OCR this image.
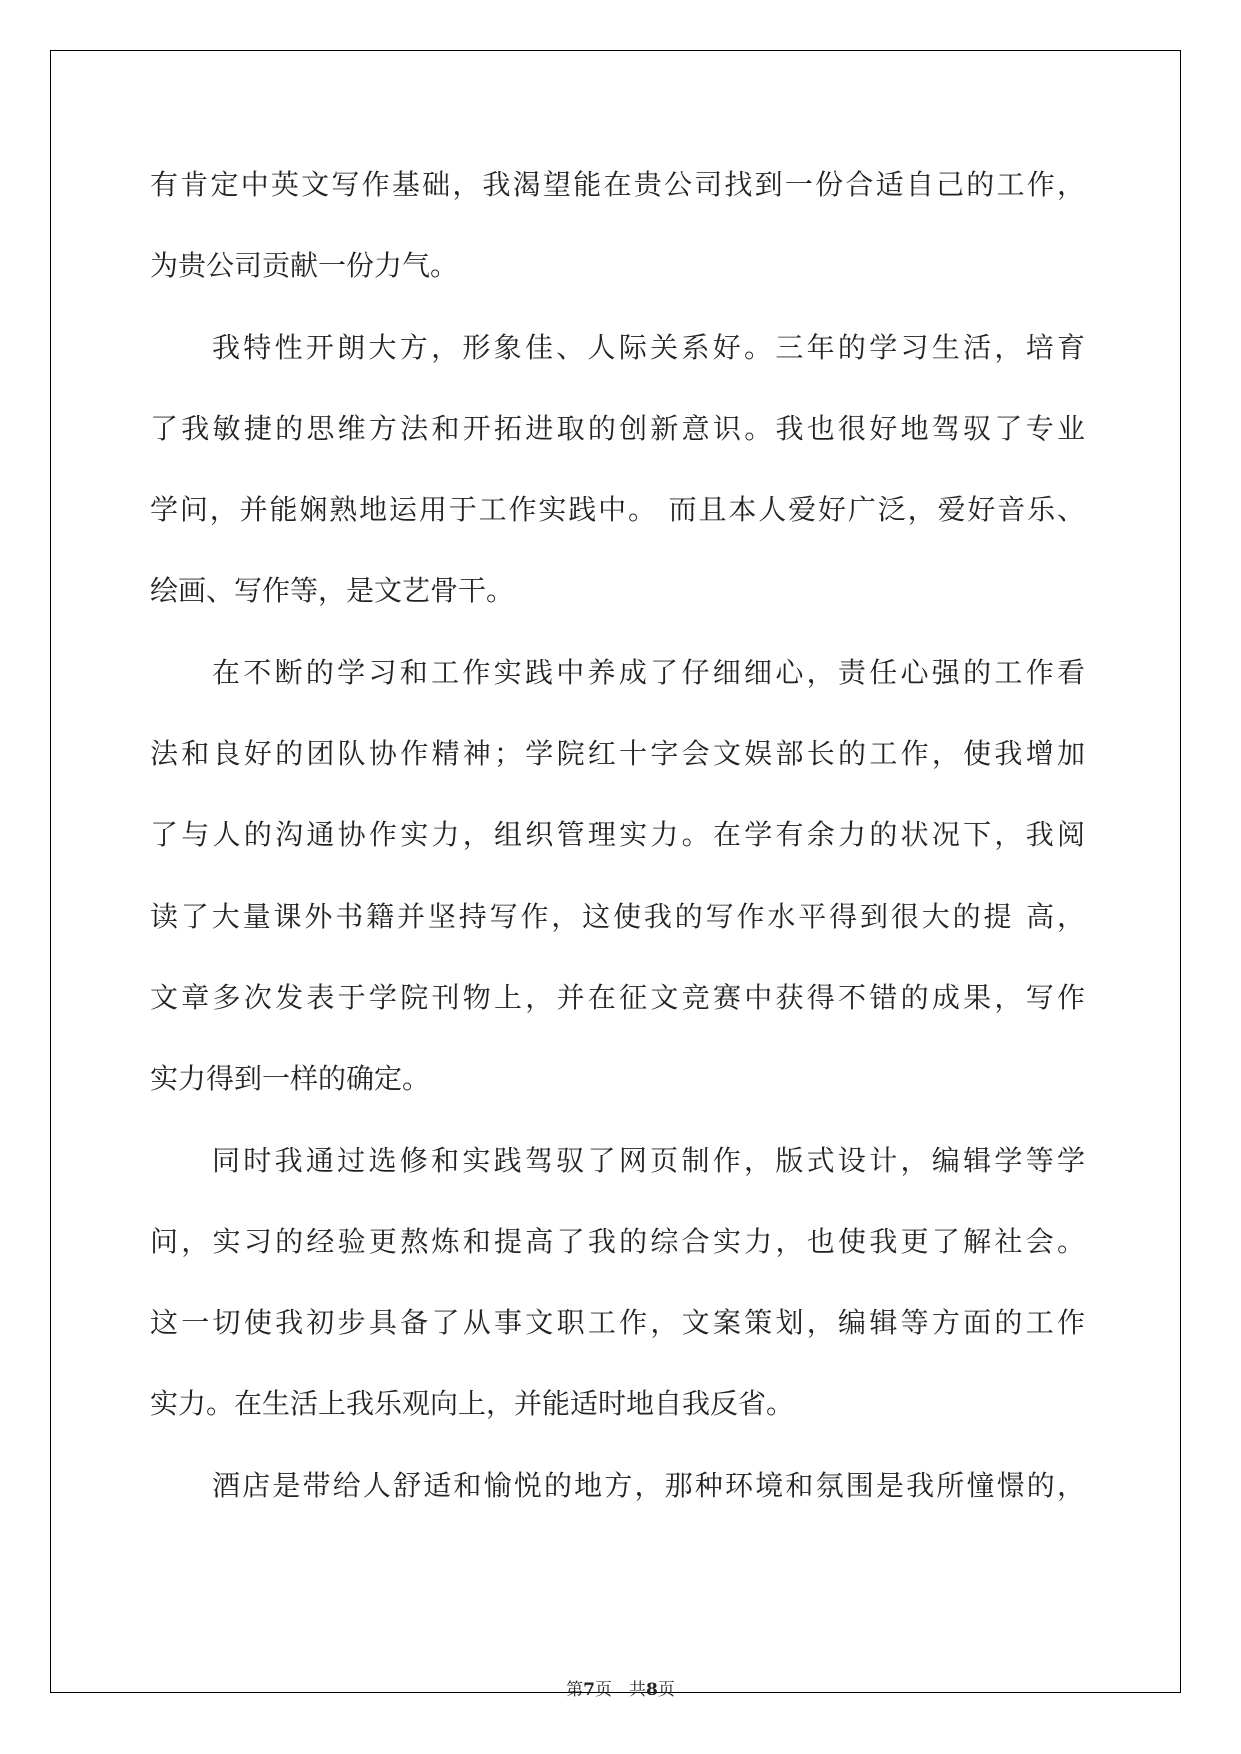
有肯定中英文写作基础，我渴望能在贵公司找到一份合适自己的工作，
为贵公司贡献一份力气。
我特性开朗大方，形象佳、人际关系好。三年的学习生活，培育
了我敏捷的思维方法和开拓进取的创新意识。我也很好地驾驭了专业
学问，并能娴熟地运用于工作实践中。 而且本人爱好广泛，爱好音乐、
绘画、写作等，是文艺骨干。
在不断的学习和工作实践中养成了仔细细心，责任心强的工作看
法和良好的团队协作精神；学院红十字会文娱部长的工作，使我增加
了与人的沟通协作实力，组织管理实力。在学有余力的状况下，我阅
读了大量课外书籍并坚持写作，这使我的写作水平得到很大的提 高，
文章多次发表于学院刊物上，并在征文竞赛中获得不错的成果，写作
实力得到一样的确定。
同时我通过选修和实践驾驭了网页制作，版式设计，编辑学等学
问，实习的经验更熬炼和提高了我的综合实力，也使我更了解社会。
这一切使我初步具备了从事文职工作，文案策划，编辑等方面的工作
实力。在生活上我乐观向上，并能适时地自我反省。
酒店是带给人舒适和愉悦的地方，那种环境和氛围是我所憧憬的，
第7页　共8页
